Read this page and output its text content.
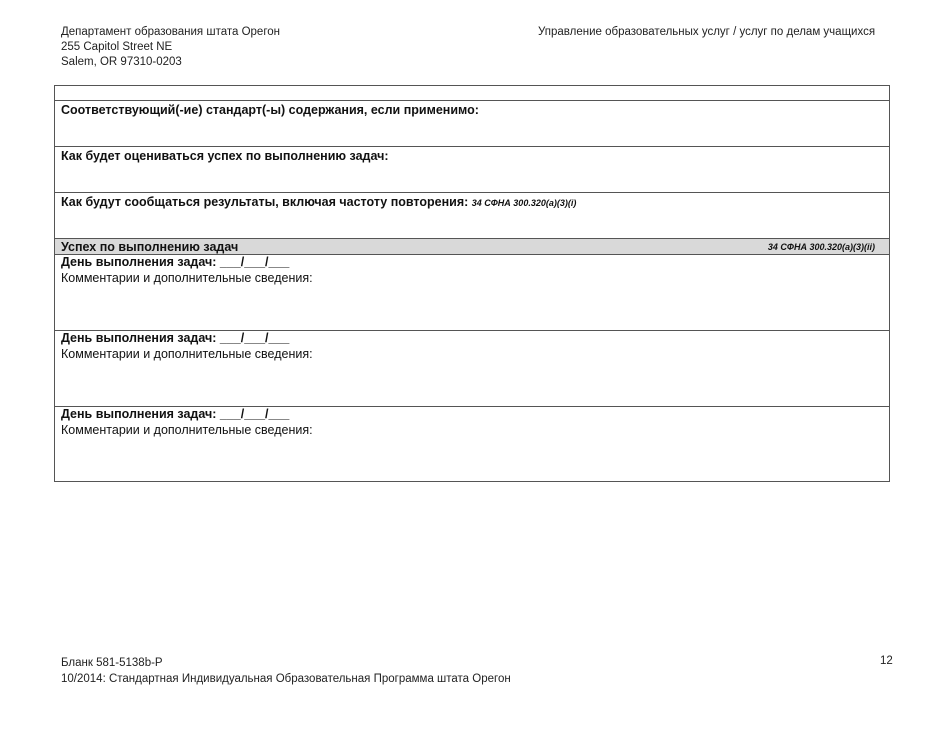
Департамент образования штата Орегон
255 Capitol Street NE
Salem, OR 97310-0203
Управление образовательных услуг / услуг по делам учащихся
Соответствующий(-ие) стандарт(-ы) содержания, если применимо:
Как будет оцениваться успех по выполнению задач:
Как будут сообщаться результаты, включая частоту повторения: 34 СФНА 300.320(a)(3)(i)
Успех по выполнению задач	34 СФНА 300.320(a)(3)(ii)
День выполнения задач: ___/___/___
Комментарии и дополнительные сведения:
День выполнения задач: ___/___/___
Комментарии и дополнительные сведения:
День выполнения задач: ___/___/___
Комментарии и дополнительные сведения:
Бланк 581-5138b-P
10/2014: Стандартная Индивидуальная Образовательная Программа штата Орегон
12
